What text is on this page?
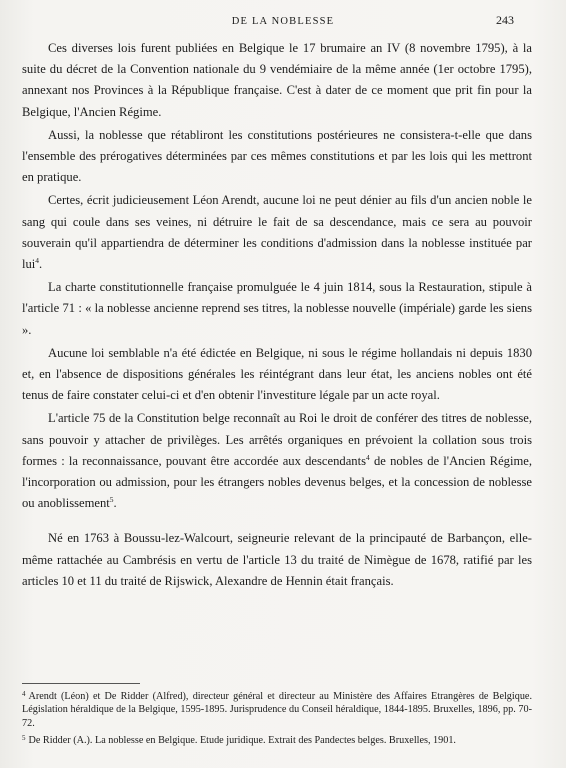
DE LA NOBLESSE	243

Ces diverses lois furent publiées en Belgique le 17 brumaire an IV (8 novembre 1795), à la suite du décret de la Convention nationale du 9 vendémiaire de la même année (1er octobre 1795), annexant nos Provinces à la République française. C'est à dater de ce moment que prit fin pour la Belgique, l'Ancien Régime.

Aussi, la noblesse que rétabliront les constitutions postérieures ne consistera-t-elle que dans l'ensemble des prérogatives déterminées par ces mêmes constitutions et par les lois qui les mettront en pratique.

Certes, écrit judicieusement Léon Arendt, aucune loi ne peut dénier au fils d'un ancien noble le sang qui coule dans ses veines, ni détruire le fait de sa descendance, mais ce sera au pouvoir souverain qu'il appartiendra de déterminer les conditions d'admission dans la noblesse instituée par lui$^4$.

La charte constitutionnelle française promulguée le 4 juin 1814, sous la Restauration, stipule à l'article 71 : « la noblesse ancienne reprend ses titres, la noblesse nouvelle (impériale) garde les siens ».

Aucune loi semblable n'a été édictée en Belgique, ni sous le régime hollandais ni depuis 1830 et, en l'absence de dispositions générales les réintégrant dans leur état, les anciens nobles ont été tenus de faire constater celui-ci et d'en obtenir l'investiture légale par un acte royal.

L'article 75 de la Constitution belge reconnaît au Roi le droit de conférer des titres de noblesse, sans pouvoir y attacher de privilèges. Les arrêtés organiques en prévoient la collation sous trois formes : la reconnaissance, pouvant être accordée aux descendants$^4$ de nobles de l'Ancien Régime, l'incorporation ou admission, pour les étrangers nobles devenus belges, et la concession de noblesse ou anoblissement$^5$.

Né en 1763 à Boussu-lez-Walcourt, seigneurie relevant de la principauté de Barbançon, elle-même rattachée au Cambrésis en vertu de l'article 13 du traité de Nimègue de 1678, ratifié par les articles 10 et 11 du traité de Rijswick, Alexandre de Hennin était français.

$^4$ Arendt (Léon) et De Ridder (Alfred), directeur général et directeur au Ministère des Affaires Etrangères de Belgique. Législation héraldique de la Belgique, 1595-1895. Jurisprudence du Conseil héraldique, 1844-1895. Bruxelles, 1896, pp. 70-72.

$^5$ De Ridder (A.). La noblesse en Belgique. Etude juridique. Extrait des Pandectes belges. Bruxelles, 1901.
